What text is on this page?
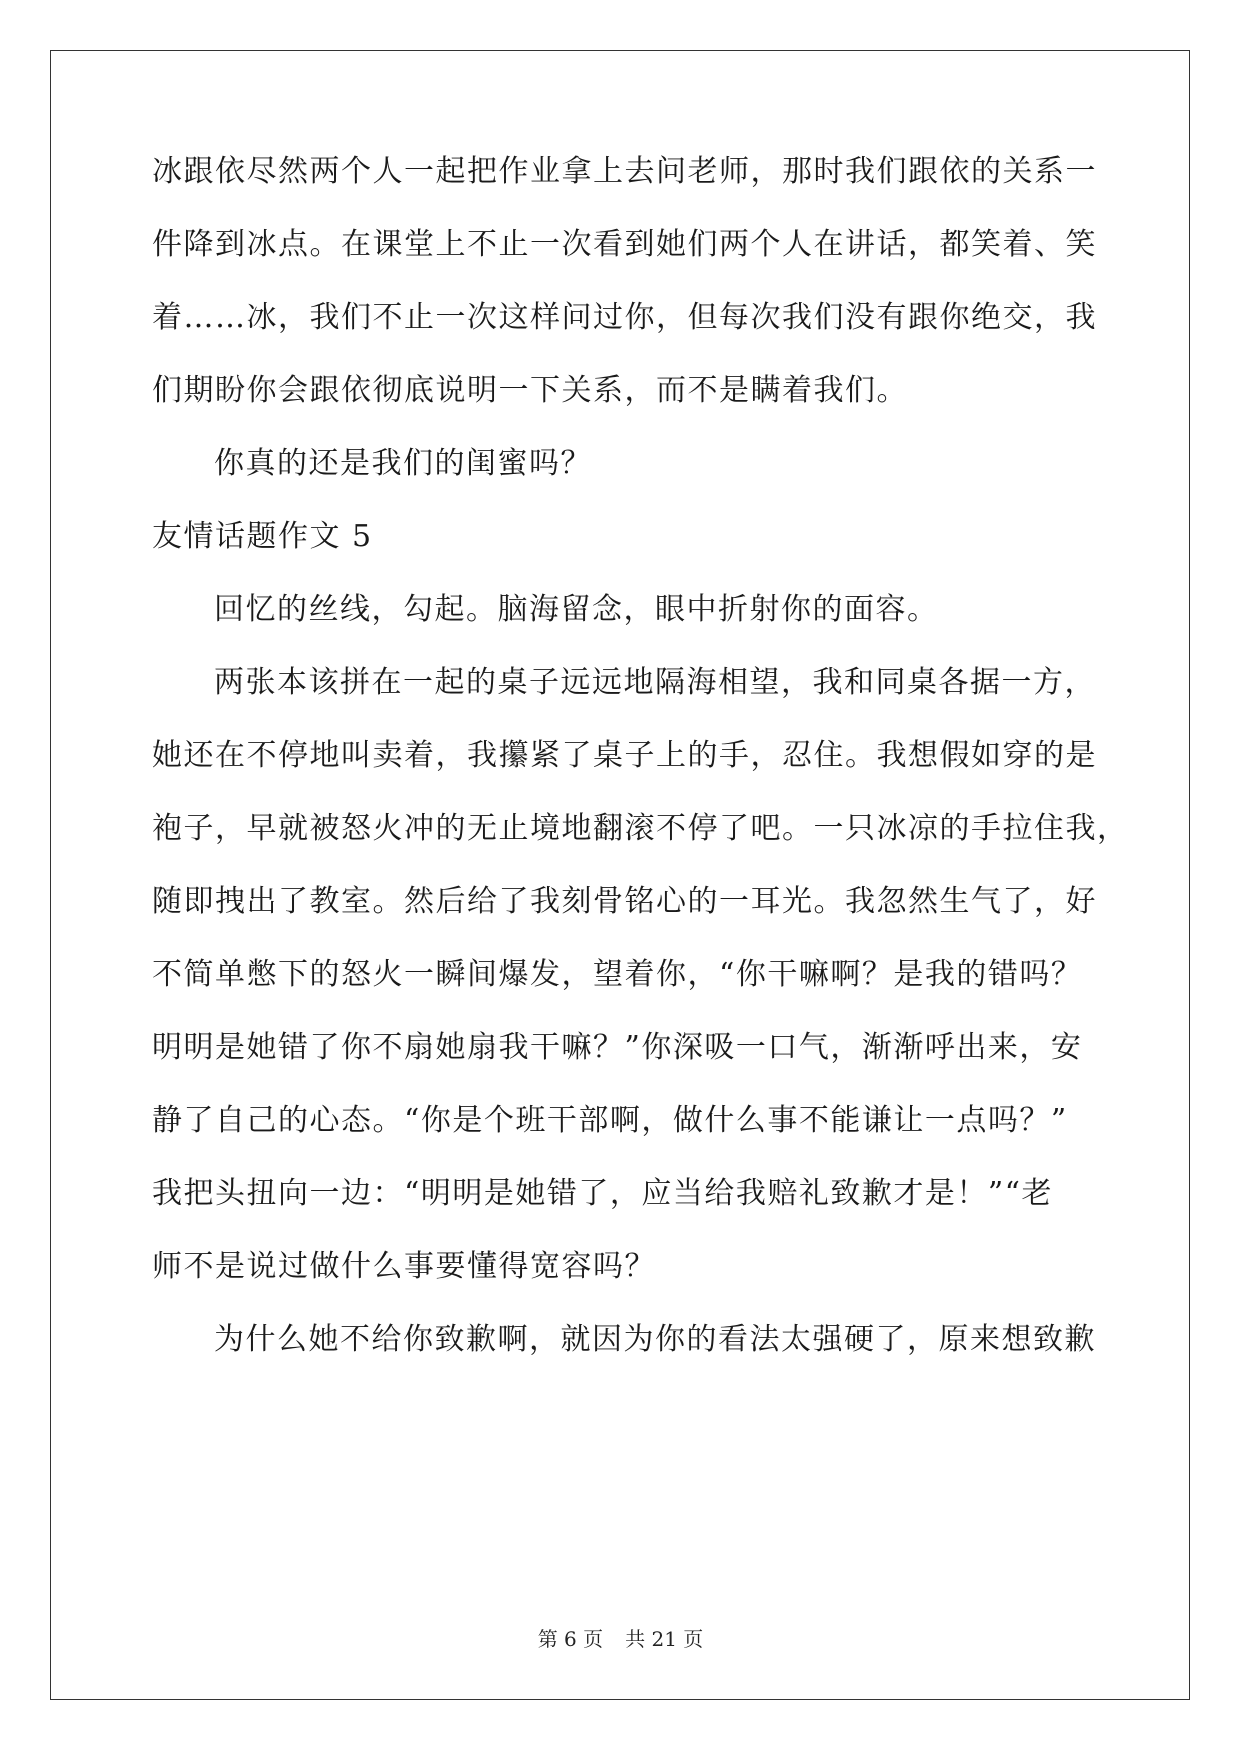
冰跟依尽然两个人一起把作业拿上去问老师，那时我们跟依的关系一
件降到冰点。在课堂上不止一次看到她们两个人在讲话，都笑着、笑
着……冰，我们不止一次这样问过你，但每次我们没有跟你绝交，我
们期盼你会跟依彻底说明一下关系，而不是瞒着我们。
你真的还是我们的闺蜜吗？
友情话题作文 5
回忆的丝线，勾起。脑海留念，眼中折射你的面容。
两张本该拼在一起的桌子远远地隔海相望，我和同桌各据一方，
她还在不停地叫卖着，我攥紧了桌子上的手，忍住。我想假如穿的是
袍子，早就被怒火冲的无止境地翻滚不停了吧。一只冰凉的手拉住我，
随即拽出了教室。然后给了我刻骨铭心的一耳光。我忽然生气了，好
不简单憋下的怒火一瞬间爆发，望着你，“你干嘛啊？是我的错吗？
明明是她错了你不扇她扇我干嘛？”你深吸一口气，渐渐呼出来，安
静了自己的心态。“你是个班干部啊，做什么事不能谦让一点吗？”
我把头扭向一边：“明明是她错了，应当给我赔礼致歉才是！”“老
师不是说过做什么事要懂得宽容吗？
为什么她不给你致歉啊，就因为你的看法太强硬了，原来想致歉
第 6 页 共 21 页
